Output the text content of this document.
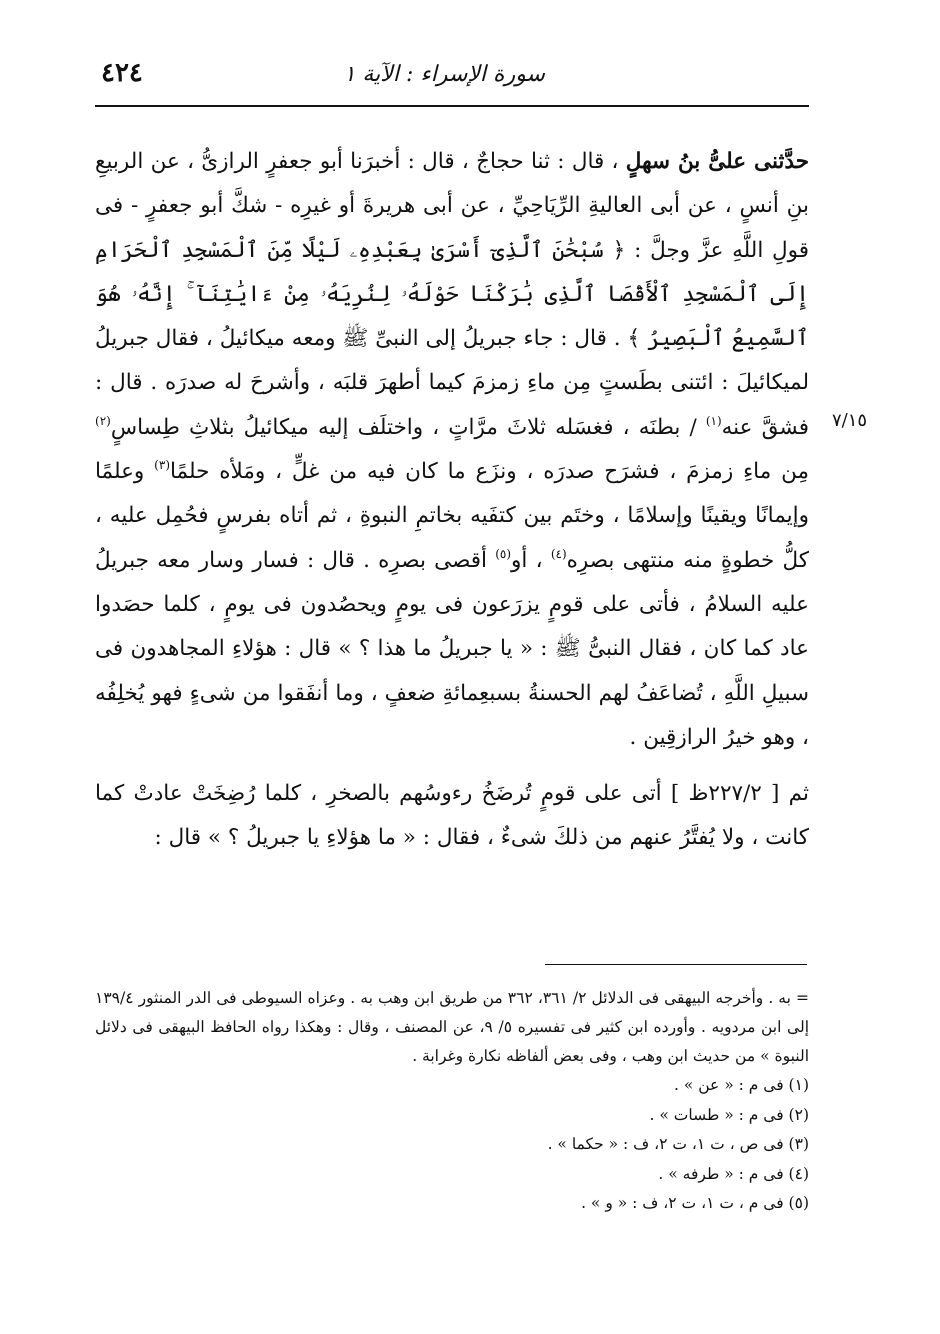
٤٢٤	سورة الإسراء : الآية ١
٧/١٥

حدَّثنى علىُّ بنُ سهلٍ ، قال : ثنا حجاجٌ ، قال : أخبرَنا أبو جعفرٍ الرازىُّ ، عن الربيعِ بنِ أنسٍ ، عن أبى العاليةِ الرِّيَاحِيِّ ، عن أبى هريرةَ أو غيرِه - شكَّ أبو جعفرٍ - فى قولِ اللَّهِ عزَّ وجلَّ : ﴿ سُبْحَٰنَ ٱلَّذِىٓ أَسْرَىٰ بِعَبْدِهِۦ لَيْلًا مِّنَ ٱلْمَسْجِدِ ٱلْحَرَامِ إِلَى ٱلْمَسْجِدِ ٱلْأَقْصَا ٱلَّذِى بَٰرَكْنَا حَوْلَهُۥ لِنُرِيَهُۥ مِنْ ءَايَٰتِنَآ ۚ إِنَّهُۥ هُوَ ٱلسَّمِيعُ ٱلْبَصِيرُ ﴾ . قال : جاء جبريلُ إلى النبىِّ ﷺ ومعه ميكائيلُ ، فقال جبريلُ لميكائيلَ : ائتنى بطَستٍ مِن ماءِ زمزمَ كيما أطهرَ قلبَه ، وأشرحَ له صدرَه . قال : فشقَّ عنه$^{(١)}$ / بطنَه ، فغسَله ثلاثَ مرَّاتٍ ، واختلَف إليه ميكائيلُ بثلاثِ طِساسٍ$^{(٢)}$ مِن ماءِ زمزمَ ، فشرَح صدرَه ، ونزَع ما كان فيه من غلٍّ ، ومَلأه حلمًا$^{(٣)}$ وعلمًا وإيمانًا ويقينًا وإسلامًا ، وختَم بين كتفَيه بخاتمِ النبوةِ ، ثم أتاه بفرسٍ فحُمِل عليه ، كلُّ خطوةٍ منه منتهى بصرِه$^{(٤)}$ ، أو$^{(٥)}$ أقصى بصرِه . قال : فسار وسار معه جبريلُ عليه السلامُ ، فأتى على قومٍ يزرَعون فى يومٍ ويحصُدون فى يومٍ ، كلما حصَدوا عاد كما كان ، فقال النبىُّ ﷺ : « يا جبريلُ ما هذا ؟ » قال : هؤلاءِ المجاهدون فى سبيلِ اللَّهِ ، تُضاعَفُ لهم الحسنةُ بسبعِمائةِ ضعفٍ ، وما أنفَقوا من شىءٍ فهو يُخلِفُه ، وهو خيرُ الرازقِين .

ثم [ ٢٢٧/٢ظ ] أتى على قومٍ تُرضَخُ رءوسُهم بالصخرِ ، كلما رُضِخَتْ عادتْ كما كانت ، ولا يُفتَّرُ عنهم من ذلكَ شىءٌ ، فقال : « ما هؤلاءِ يا جبريلُ ؟ » قال :

= به . وأخرجه البيهقى فى الدلائل ٢/ ٣٦١، ٣٦٢ من طريق ابن وهب به . وعزاه السيوطى فى الدر المنثور ١٣٩/٤ إلى ابن مردويه . وأورده ابن كثير فى تفسيره ٥/ ٩، عن المصنف ، وقال : وهكذا رواه الحافظ البيهقى فى دلائل النبوة » من حديث ابن وهب ، وفى بعض ألفاظه نكارة وغرابة .

(١) فى م : « عن » .

(٢) فى م : « طسات » .

(٣) فى ص ، ت ١، ت ٢، ف : « حكما » .

(٤) فى م : « طرفه » .

(٥) فى م ، ت ١، ت ٢، ف : « و » .
